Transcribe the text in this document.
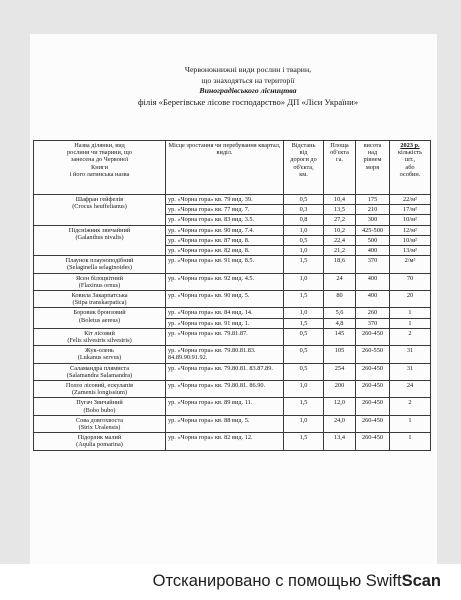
Червонокнижні види рослин і тварин,
що знаходяться на території
Виноградівського лісництва
філія «Берегівське лісове господарство» ДП «Ліси України»
Назва ділянки, вид
рослини чи тварини, що
занесена до Червоної
Книги
і його латинська назва	Місце зростання чи перебування квартал, виділ.	Відстань
від
дороги до
об'єкта,
км.	Площа
об'єкта
га.	висота
над
рівнем
моря	2023 р.
кількість
шт.,
або
особин.

Шафран гейфелів
(Crocus heuffelianus)	ур. «Чорна гора» кв. 79 вид. 39.	0,5	10,4	175	22/м²
	ур. «Чорна гора» кв. 77 вид. 7.	0,3	13,5	210	17/м²
	ур. «Чорна гора» кв. 83 вид. 3.5.	0,8	27,2	300	10/м²

Підсніжник звичайний
(Galanthus nivalis)	ур. «Чорна гора» кв. 90 вид. 7.4.	1,0	10,2	425-500	12/м²
	ур. «Чорна гора» кв. 87 вид. 8.	0,5	22,4	500	10/м²
	ур. «Чорна гора» кв. 82 вид. 8.	1,0	21,2	400	13/м²

Плаунок плауноподібний
(Selaginella selaginoides)	ур. «Чорна гора» кв. 91 вид. 8.5.	1,5	18,6	370	2/м²

Ясен білоцвітний
(Flaxinus ornus)	ур. «Чорна гора» кв. 92 вид. 4.5.	1,0	24	400	70

Ковила Закарпатська
(Stipa transkarpatica)	ур. «Чорна гора» кв. 90 вид. 5.	1,5	80	400	20

Боровик бронзовий
(Boletus aereus)	ур. «Чорна гора» кв. 84 вид. 14.	1,0	5,6	260	1
	ур. «Чорна гора» кв. 91 вид. 1.	1,5	4,8	370	1

Кіт лісовий
(Felis silvestris silvestris)	ур. «Чорна гора» кв. 79.81.87.	0,5	145	260-450	2

Жук-олень
(Lukanus servus)	ур. «Чорна гора» кв. 79.80.81.83. 84.89.90.91.92.	0,5	105	260-550	31

Саламандра плямиста
(Salamandra Salamandra)	ур. «Чорна гора» кв. 79.80.81. 83.87.89.	0,5	254	260-450	31

Полоз лісовий, ескулапів
(Zamenis longissium)	ур. «Чорна гора» кв. 79.80.81. 86.90.	1,0	200	260-450	24

Пугач Звичайний
(Bobo bubo)	ур. «Чорна гора» кв. 89 вид. 11.	1,5	12,0	260-450	2

Сова довгохвоста
(Strix Uralensis)	ур. «Чорна гора» кв. 88 вид. 5.	1,0	24,0	260-450	1

Підорлик малий
(Aqulia pomarina)	ур. «Чорна гора» кв. 82 вид. 12.	1,5	13,4	260-450	1
Отсканировано с помощью SwiftScan
